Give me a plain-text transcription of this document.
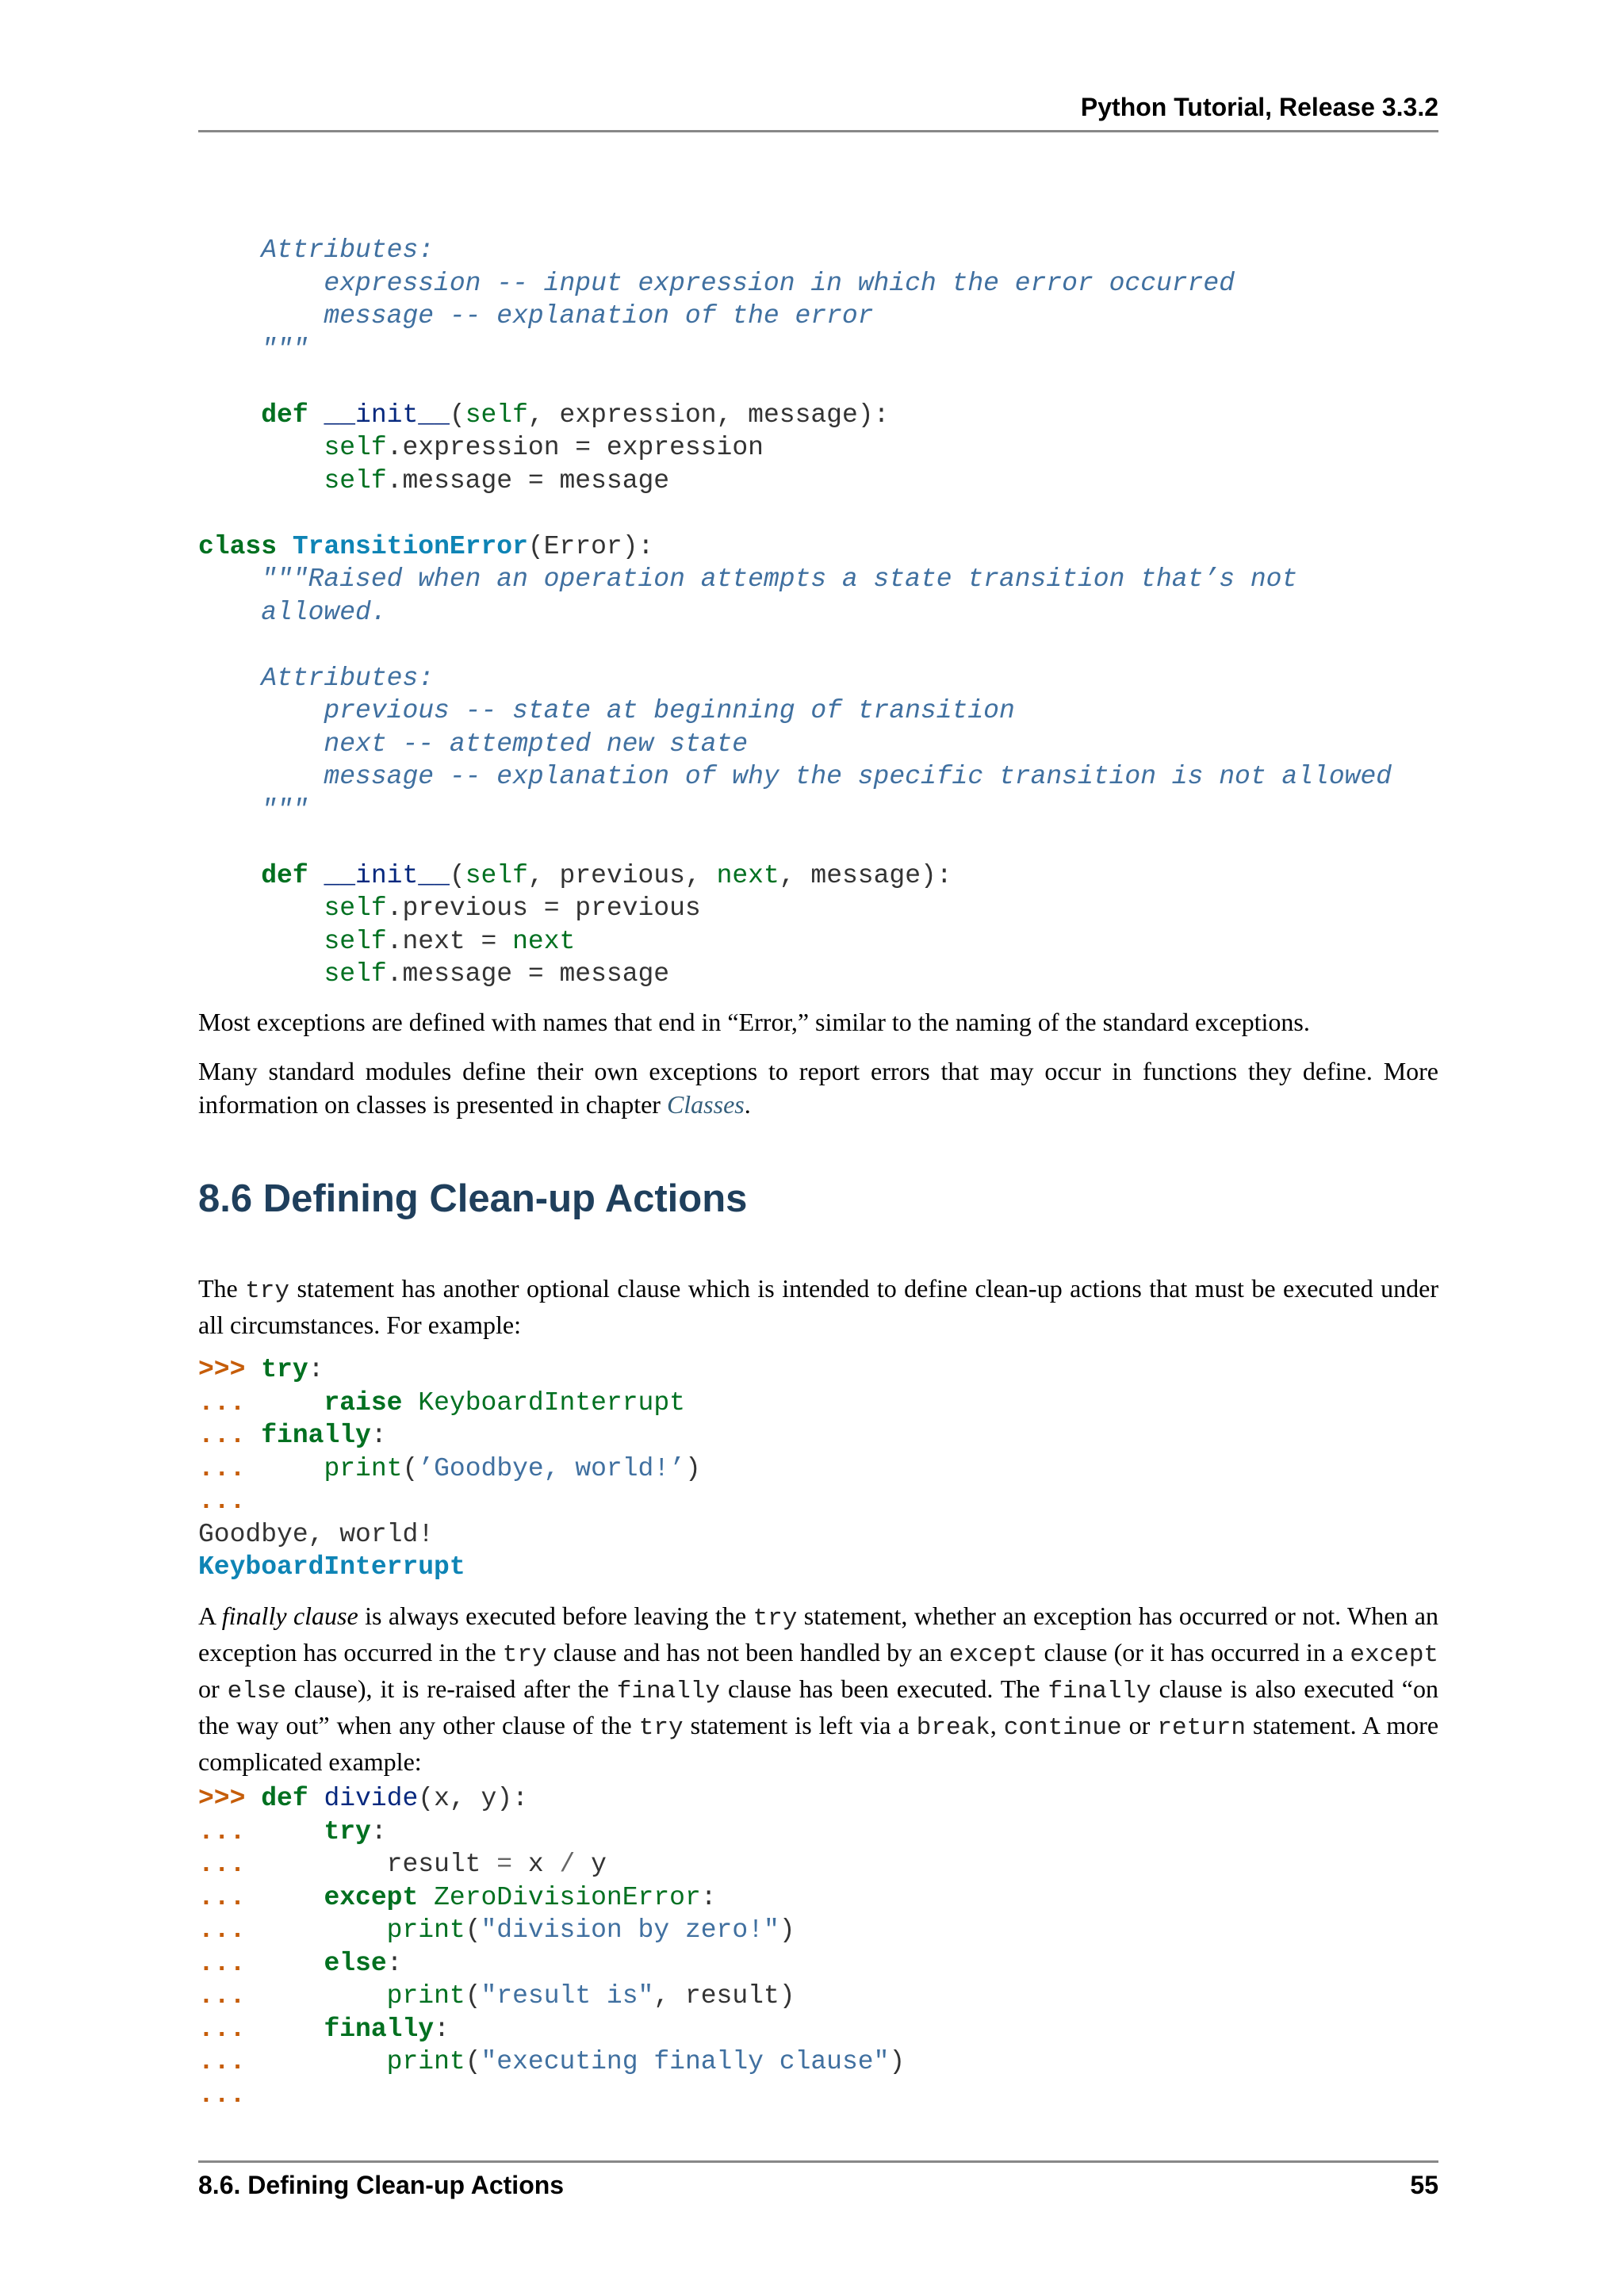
Python Tutorial, Release 3.3.2
Attributes:
expression -- input expression in which the error occurred
message -- explanation of the error
"""
def __init__(self, expression, message):
self.expression = expression
self.message = message
class TransitionError(Error):
"""Raised when an operation attempts a state transition that’s not
allowed.
Attributes:
previous -- state at beginning of transition
next -- attempted new state
message -- explanation of why the specific transition is not allowed
"""
def __init__(self, previous, next, message):
self.previous = previous
self.next = next
self.message = message

Most exceptions are defined with names that end in “Error,” similar to the naming of the standard exceptions.

Many standard modules define their own exceptions to report errors that may occur in functions they define. More information on classes is presented in chapter Classes.

8.6 Defining Clean-up Actions

The try statement has another optional clause which is intended to define clean-up actions that must be executed under all circumstances. For example:

>>> try:
...	raise KeyboardInterrupt
... finally:
...	print(’Goodbye, world!’)
...
Goodbye, world!
KeyboardInterrupt

A finally clause is always executed before leaving the try statement, whether an exception has occurred or not. When an exception has occurred in the try clause and has not been handled by an except clause (or it has occurred in a except or else clause), it is re-raised after the finally clause has been executed. The finally clause is also executed “on the way out” when any other clause of the try statement is left via a break, continue or return statement. A more complicated example:

>>> def divide(x, y):
...	try:
...	result = x / y
...	except ZeroDivisionError:
...	print("division by zero!")
...	else:
...	print("result is", result)
...	finally:
...	print("executing finally clause")
...
8.6. Defining Clean-up Actions	55
